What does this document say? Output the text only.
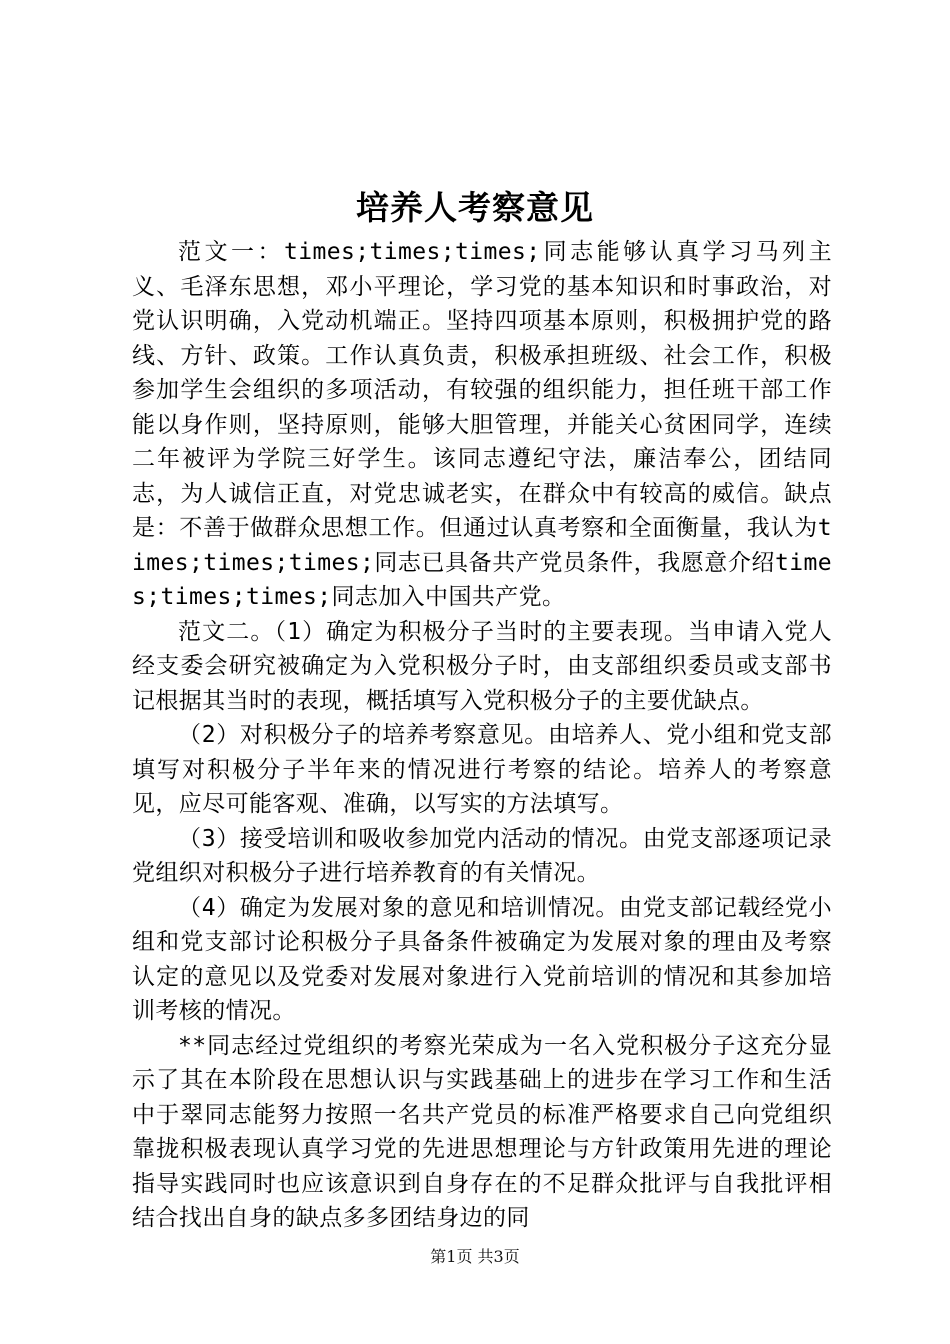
培养人考察意见

范文一：times;times;times;同志能够认真学习马列主义、毛泽东思想，邓小平理论，学习党的基本知识和时事政治，对党认识明确，入党动机端正。坚持四项基本原则，积极拥护党的路线、方针、政策。工作认真负责，积极承担班级、社会工作，积极参加学生会组织的多项活动，有较强的组织能力，担任班干部工作能以身作则，坚持原则，能够大胆管理，并能关心贫困同学，连续二年被评为学院三好学生。该同志遵纪守法，廉洁奉公，团结同志，为人诚信正直，对党忠诚老实，在群众中有较高的威信。缺点是：不善于做群众思想工作。但通过认真考察和全面衡量，我认为times;times;times;同志已具备共产党员条件，我愿意介绍times;times;times;同志加入中国共产党。

范文二。（1）确定为积极分子当时的主要表现。当申请入党人经支委会研究被确定为入党积极分子时，由支部组织委员或支部书记根据其当时的表现，概括填写入党积极分子的主要优缺点。

（2）对积极分子的培养考察意见。由培养人、党小组和党支部填写对积极分子半年来的情况进行考察的结论。培养人的考察意见，应尽可能客观、准确，以写实的方法填写。

（3）接受培训和吸收参加党内活动的情况。由党支部逐项记录党组织对积极分子进行培养教育的有关情况。

（4）确定为发展对象的意见和培训情况。由党支部记载经党小组和党支部讨论积极分子具备条件被确定为发展对象的理由及考察认定的意见以及党委对发展对象进行入党前培训的情况和其参加培训考核的情况。

**同志经过党组织的考察光荣成为一名入党积极分子这充分显示了其在本阶段在思想认识与实践基础上的进步在学习工作和生活中于翠同志能努力按照一名共产党员的标准严格要求自己向党组织靠拢积极表现认真学习党的先进思想理论与方针政策用先进的理论指导实践同时也应该意识到自身存在的不足群众批评与自我批评相结合找出自身的缺点多多团结身边的同

第1页 共3页
